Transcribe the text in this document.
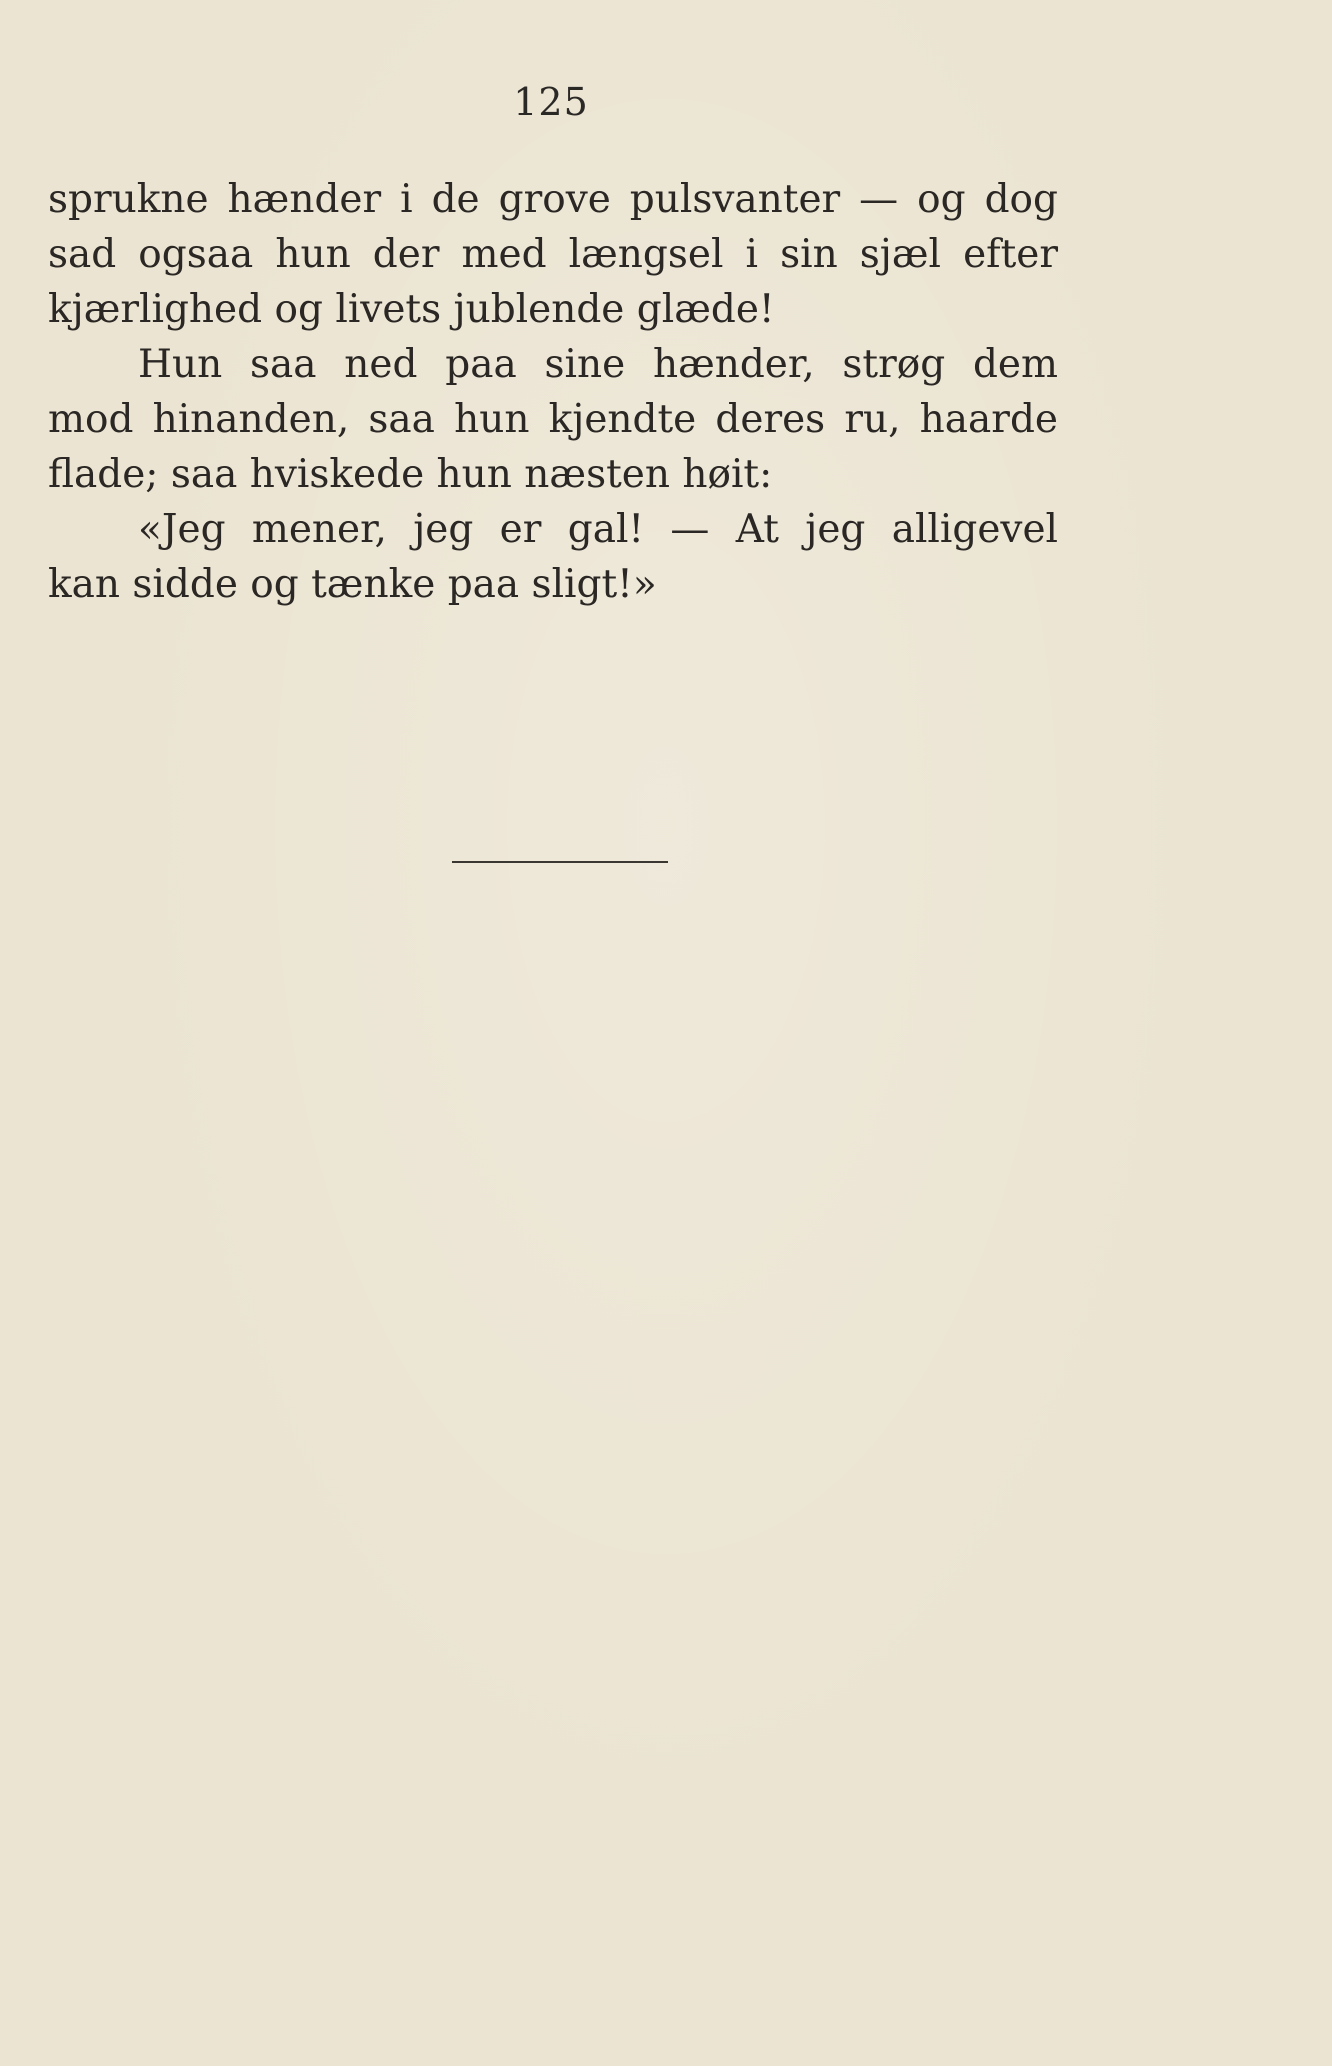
125
sprukne hænder i de grove pulsvanter — og dog
sad ogsaa hun der med længsel i sin sjæl efter
kjærlighed og livets jublende glæde!
Hun saa ned paa sine hænder, strøg dem
mod hinanden, saa hun kjendte deres ru, haarde
flade; saa hviskede hun næsten høit:
«Jeg mener, jeg er gal! — At jeg alligevel
kan sidde og tænke paa sligt!»
